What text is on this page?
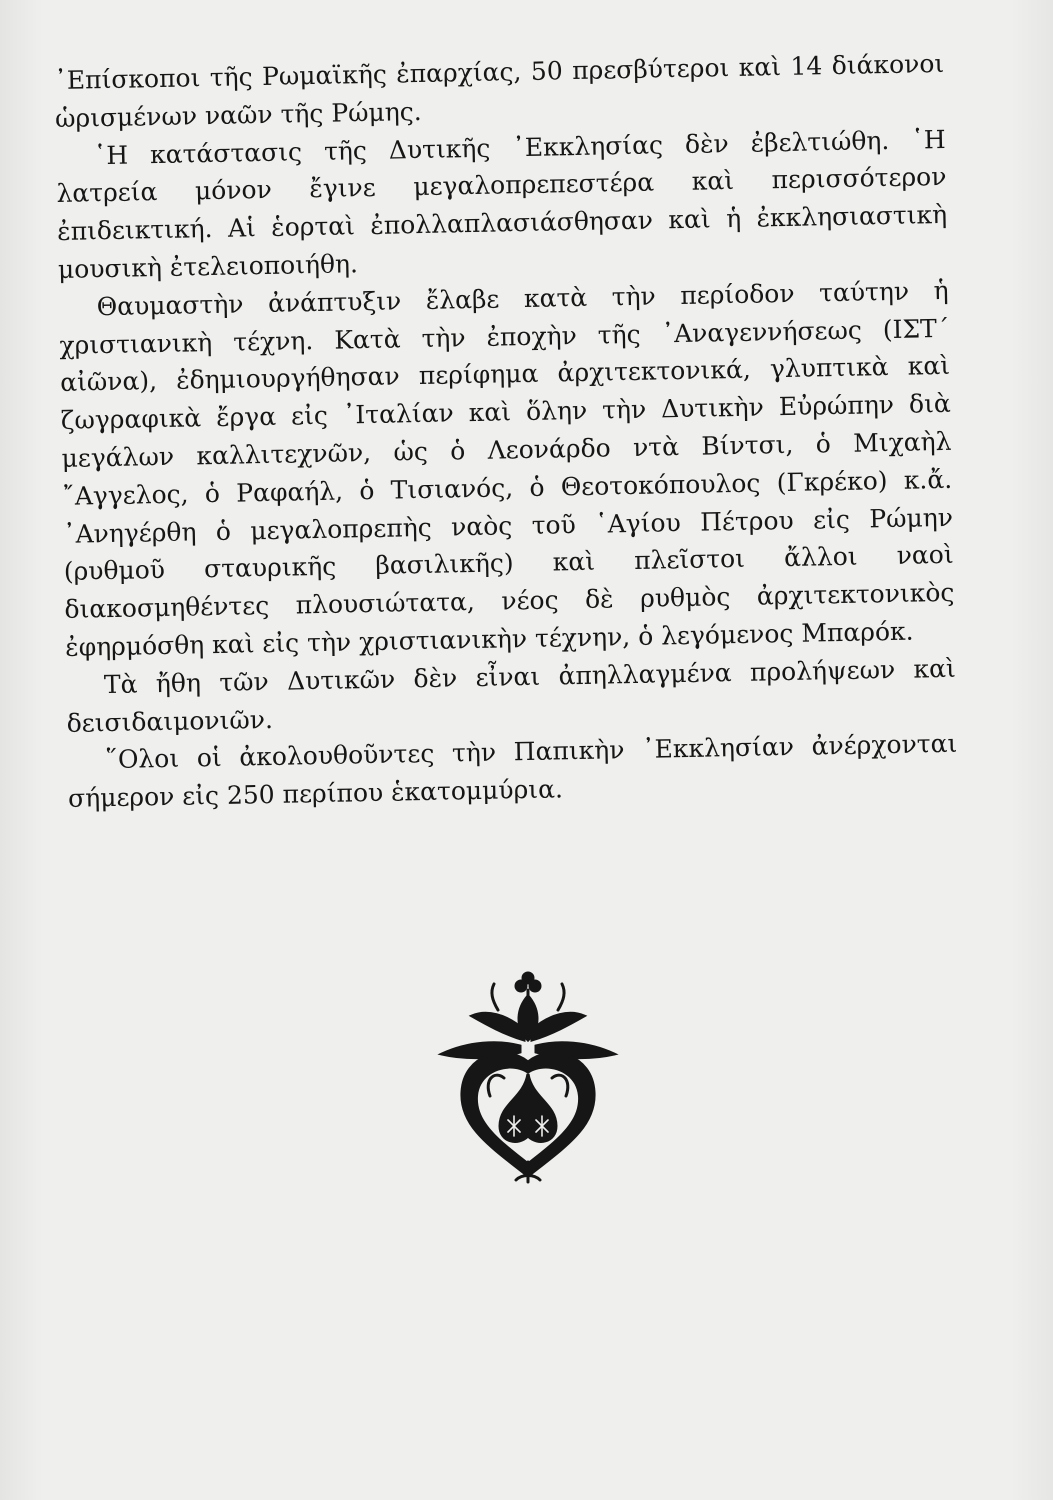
᾿Επίσκοποι τῆς Ρωμαϊκῆς ἐπαρχίας, 50 πρεσβύτεροι καὶ 14 διάκονοι ὡρισμένων ναῶν τῆς Ρώμης.

῾Η κατάστασις τῆς Δυτικῆς ᾿Εκκλησίας δὲν ἐβελτιώθη. ῾Η λατρεία μόνον ἔγινε μεγαλοπρεπεστέρα καὶ περισσότερον ἐπιδεικτική. Αἱ ἑορταὶ ἐπολλαπλασιάσθησαν καὶ ἡ ἐκκλησιαστικὴ μουσικὴ ἐτελειοποιήθη.

Θαυμαστὴν ἀνάπτυξιν ἔλαβε κατὰ τὴν περίοδον ταύτην ἡ χριστιανικὴ τέχνη. Κατὰ τὴν ἐποχὴν τῆς ᾿Αναγεννήσεως (ΙΣΤ´ αἰῶνα), ἐδημιουργήθησαν περίφημα ἀρχιτεκτονικά, γλυπτικὰ καὶ ζωγραφικὰ ἔργα εἰς ᾿Ιταλίαν καὶ ὅλην τὴν Δυτικὴν Εὐρώπην διὰ μεγάλων καλλιτεχνῶν, ὡς ὁ Λεονάρδο ντὰ Βίντσι, ὁ Μιχαὴλ ῎Αγγελος, ὁ Ραφαήλ, ὁ Τισιανός, ὁ Θεοτοκόπουλος (Γκρέκο) κ.ἄ. ᾿Ανηγέρθη ὁ μεγαλοπρεπὴς ναὸς τοῦ ῾Αγίου Πέτρου εἰς Ρώμην (ρυθμοῦ σταυρικῆς βασιλικῆς) καὶ πλεῖστοι ἄλλοι ναοὶ διακοσμηθέντες πλουσιώτατα, νέος δὲ ρυθμὸς ἀρχιτεκτονικὸς ἐφηρμόσθη καὶ εἰς τὴν χριστιανικὴν τέχνην, ὁ λεγόμενος Μπαρόκ.

Τὰ ἤθη τῶν Δυτικῶν δὲν εἶναι ἀπηλλαγμένα προλήψεων καὶ δεισιδαιμονιῶν.

῞Ολοι οἱ ἀκολουθοῦντες τὴν Παπικὴν ᾿Εκκλησίαν ἀνέρχονται σήμερον εἰς 250 περίπου ἑκατομμύρια.
